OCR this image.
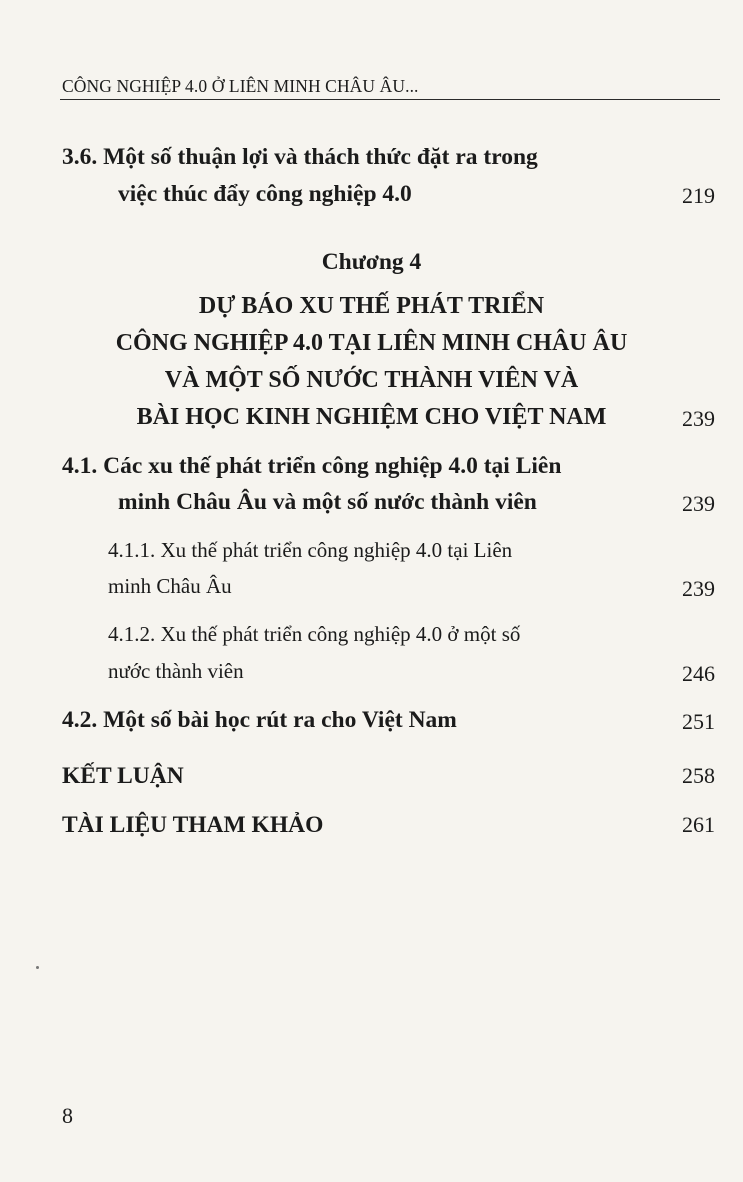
CÔNG NGHIỆP 4.0 Ở LIÊN MINH CHÂU ÂU...
3.6. Một số thuận lợi và thách thức đặt ra trong
việc thúc đẩy công nghiệp 4.0	219
Chương 4
DỰ BÁO XU THẾ PHÁT TRIỂN
CÔNG NGHIỆP 4.0 TẠI LIÊN MINH CHÂU ÂU
VÀ MỘT SỐ NƯỚC THÀNH VIÊN VÀ
BÀI HỌC KINH NGHIỆM CHO VIỆT NAM	239
4.1. Các xu thế phát triển công nghiệp 4.0 tại Liên
minh Châu Âu và một số nước thành viên	239
4.1.1. Xu thế phát triển công nghiệp 4.0 tại Liên
minh Châu Âu	239
4.1.2. Xu thế phát triển công nghiệp 4.0 ở một số
nước thành viên	246
4.2. Một số bài học rút ra cho Việt Nam	251
KẾT LUẬN	258
TÀI LIỆU THAM KHẢO	261
8
